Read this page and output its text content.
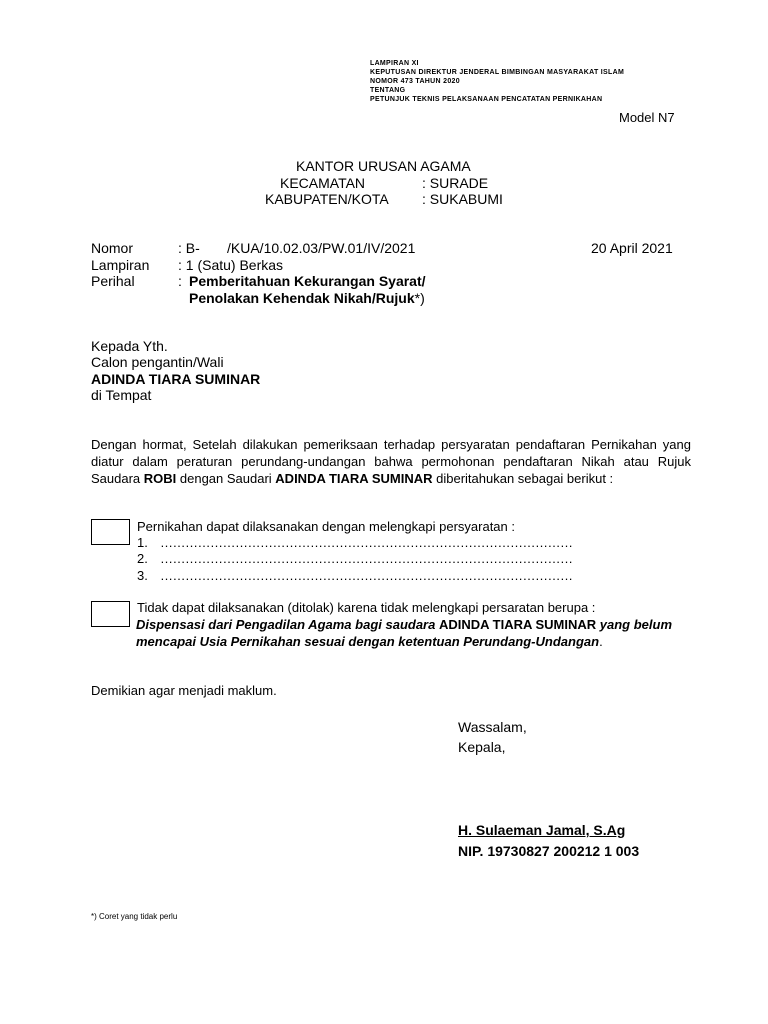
LAMPIRAN XI
KEPUTUSAN DIREKTUR JENDERAL BIMBINGAN MASYARAKAT ISLAM
NOMOR 473 TAHUN 2020
TENTANG
PETUNJUK TEKNIS PELAKSANAAN PENCATATAN PERNIKAHAN
Model N7
KANTOR URUSAN AGAMA
KECAMATAN	: SURADE
KABUPATEN/KOTA : SUKABUMI
Nomor	: B-       /KUA/10.02.03/PW.01/IV/2021	20 April 2021
Lampiran : 1 (Satu) Berkas
Perihal	: Pemberitahuan Kekurangan Syarat/
Penolakan Kehendak Nikah/Rujuk*)
Kepada Yth.
Calon pengantin/Wali
ADINDA TIARA SUMINAR
di Tempat
Dengan hormat, Setelah dilakukan pemeriksaan terhadap persyaratan pendaftaran Pernikahan yang diatur dalam peraturan perundang-undangan bahwa permohonan pendaftaran Nikah atau Rujuk Saudara ROBI dengan Saudari ADINDA TIARA SUMINAR diberitahukan sebagai berikut :
Pernikahan dapat dilaksanakan dengan melengkapi persyaratan :
1. ………………………………………………………………………………………
2. ………………………………………………………………………………………
3. ………………………………………………………………………………………
Tidak dapat dilaksanakan (ditolak) karena tidak melengkapi persaratan berupa :
Dispensasi dari Pengadilan Agama bagi saudara ADINDA TIARA SUMINAR yang belum mencapai Usia Pernikahan sesuai dengan ketentuan Perundang-Undangan.
Demikian agar menjadi maklum.
Wassalam,
Kepala,
H. Sulaeman Jamal, S.Ag
NIP. 19730827 200212 1 003
*) Coret yang tidak perlu
